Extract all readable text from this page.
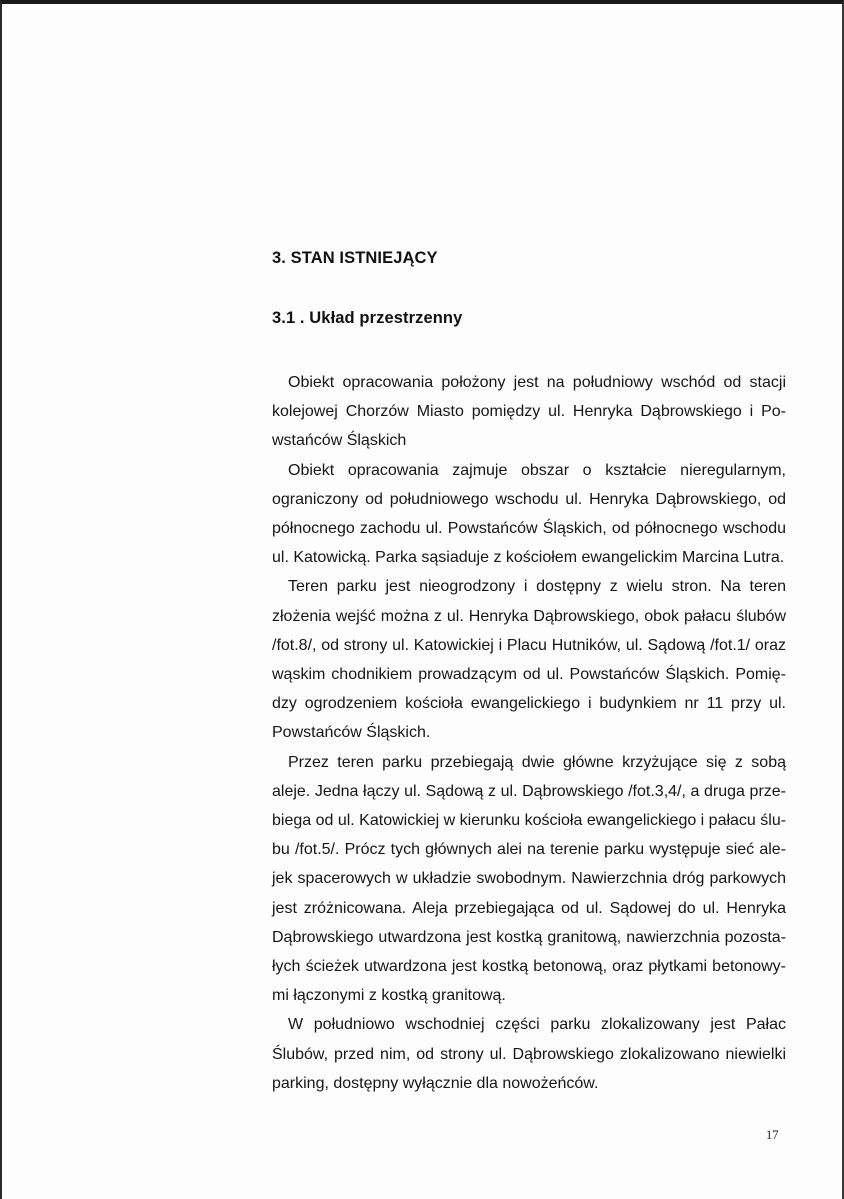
3. STAN ISTNIEJĄCY
3.1 . Układ przestrzenny

Obiekt opracowania położony jest na południowy wschód od stacji
kolejowej Chorzów Miasto pomiędzy ul. Henryka Dąbrowskiego i Po-
wstańców Śląskich

Obiekt opracowania zajmuje obszar o kształcie nieregularnym,
ograniczony od południowego wschodu ul. Henryka Dąbrowskiego, od
północnego zachodu ul. Powstańców Śląskich, od północnego wschodu
ul. Katowicką. Parka sąsiaduje z kościołem ewangelickim Marcina Lutra.

Teren parku jest nieogrodzony i dostępny z wielu stron. Na teren
złożenia wejść można z ul. Henryka Dąbrowskiego, obok pałacu ślubów
/fot.8/, od strony ul. Katowickiej i Placu Hutników, ul. Sądową /fot.1/ oraz
wąskim chodnikiem prowadzącym od ul. Powstańców Śląskich. Pomię-
dzy ogrodzeniem kościoła ewangelickiego i budynkiem nr 11 przy ul.
Powstańców Śląskich.

Przez teren parku przebiegają dwie główne krzyżujące się z sobą
aleje. Jedna łączy ul. Sądową z ul. Dąbrowskiego /fot.3,4/, a druga prze-
biega od ul. Katowickiej w kierunku kościoła ewangelickiego i pałacu ślu-
bu /fot.5/. Prócz tych głównych alei na terenie parku występuje sieć ale-
jek spacerowych w układzie swobodnym. Nawierzchnia dróg parkowych
jest zróżnicowana. Aleja przebiegająca od ul. Sądowej do ul. Henryka
Dąbrowskiego utwardzona jest kostką granitową, nawierzchnia pozosta-
łych ścieżek utwardzona jest kostką betonową, oraz płytkami betonowy-
mi łączonymi z kostką granitową.

W południowo wschodniej części parku zlokalizowany jest Pałac
Ślubów, przed nim, od strony ul. Dąbrowskiego zlokalizowano niewielki
parking, dostępny wyłącznie dla nowożeńców.

17
